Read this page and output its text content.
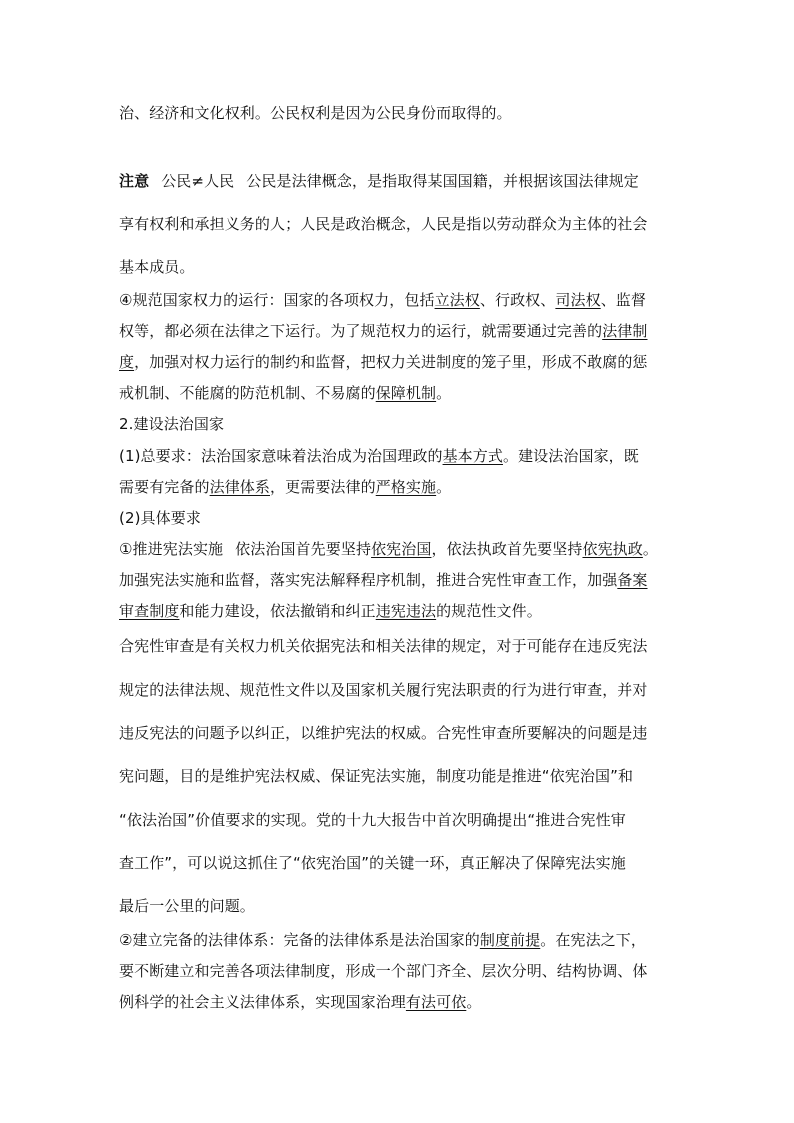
治、经济和文化权利。公民权利是因为公民身份而取得的。
注意 公民≠人民 公民是法律概念，是指取得某国国籍，并根据该国法律规定
享有权利和承担义务的人；人民是政治概念，人民是指以劳动群众为主体的社会
基本成员。
④规范国家权力的运行：国家的各项权力，包括立法权、行政权、司法权、监督
权等，都必须在法律之下运行。为了规范权力的运行，就需要通过完善的法律制
度，加强对权力运行的制约和监督，把权力关进制度的笼子里，形成不敢腐的惩
戒机制、不能腐的防范机制、不易腐的保障机制。
2.建设法治国家
(1)总要求：法治国家意味着法治成为治国理政的基本方式。建设法治国家，既
需要有完备的法律体系，更需要法律的严格实施。
(2)具体要求
①推进宪法实施 依法治国首先要坚持依宪治国，依法执政首先要坚持依宪执政。
加强宪法实施和监督，落实宪法解释程序机制，推进合宪性审查工作，加强备案
审查制度和能力建设，依法撤销和纠正违宪违法的规范性文件。
合宪性审查是有关权力机关依据宪法和相关法律的规定，对于可能存在违反宪法
规定的法律法规、规范性文件以及国家机关履行宪法职责的行为进行审查，并对
违反宪法的问题予以纠正，以维护宪法的权威。合宪性审查所要解决的问题是违
宪问题，目的是维护宪法权威、保证宪法实施，制度功能是推进“依宪治国”和
“依法治国”价值要求的实现。党的十九大报告中首次明确提出“推进合宪性审
查工作”，可以说这抓住了“依宪治国”的关键一环，真正解决了保障宪法实施
最后一公里的问题。
②建立完备的法律体系：完备的法律体系是法治国家的制度前提。在宪法之下，
要不断建立和完善各项法律制度，形成一个部门齐全、层次分明、结构协调、体
例科学的社会主义法律体系，实现国家治理有法可依。
